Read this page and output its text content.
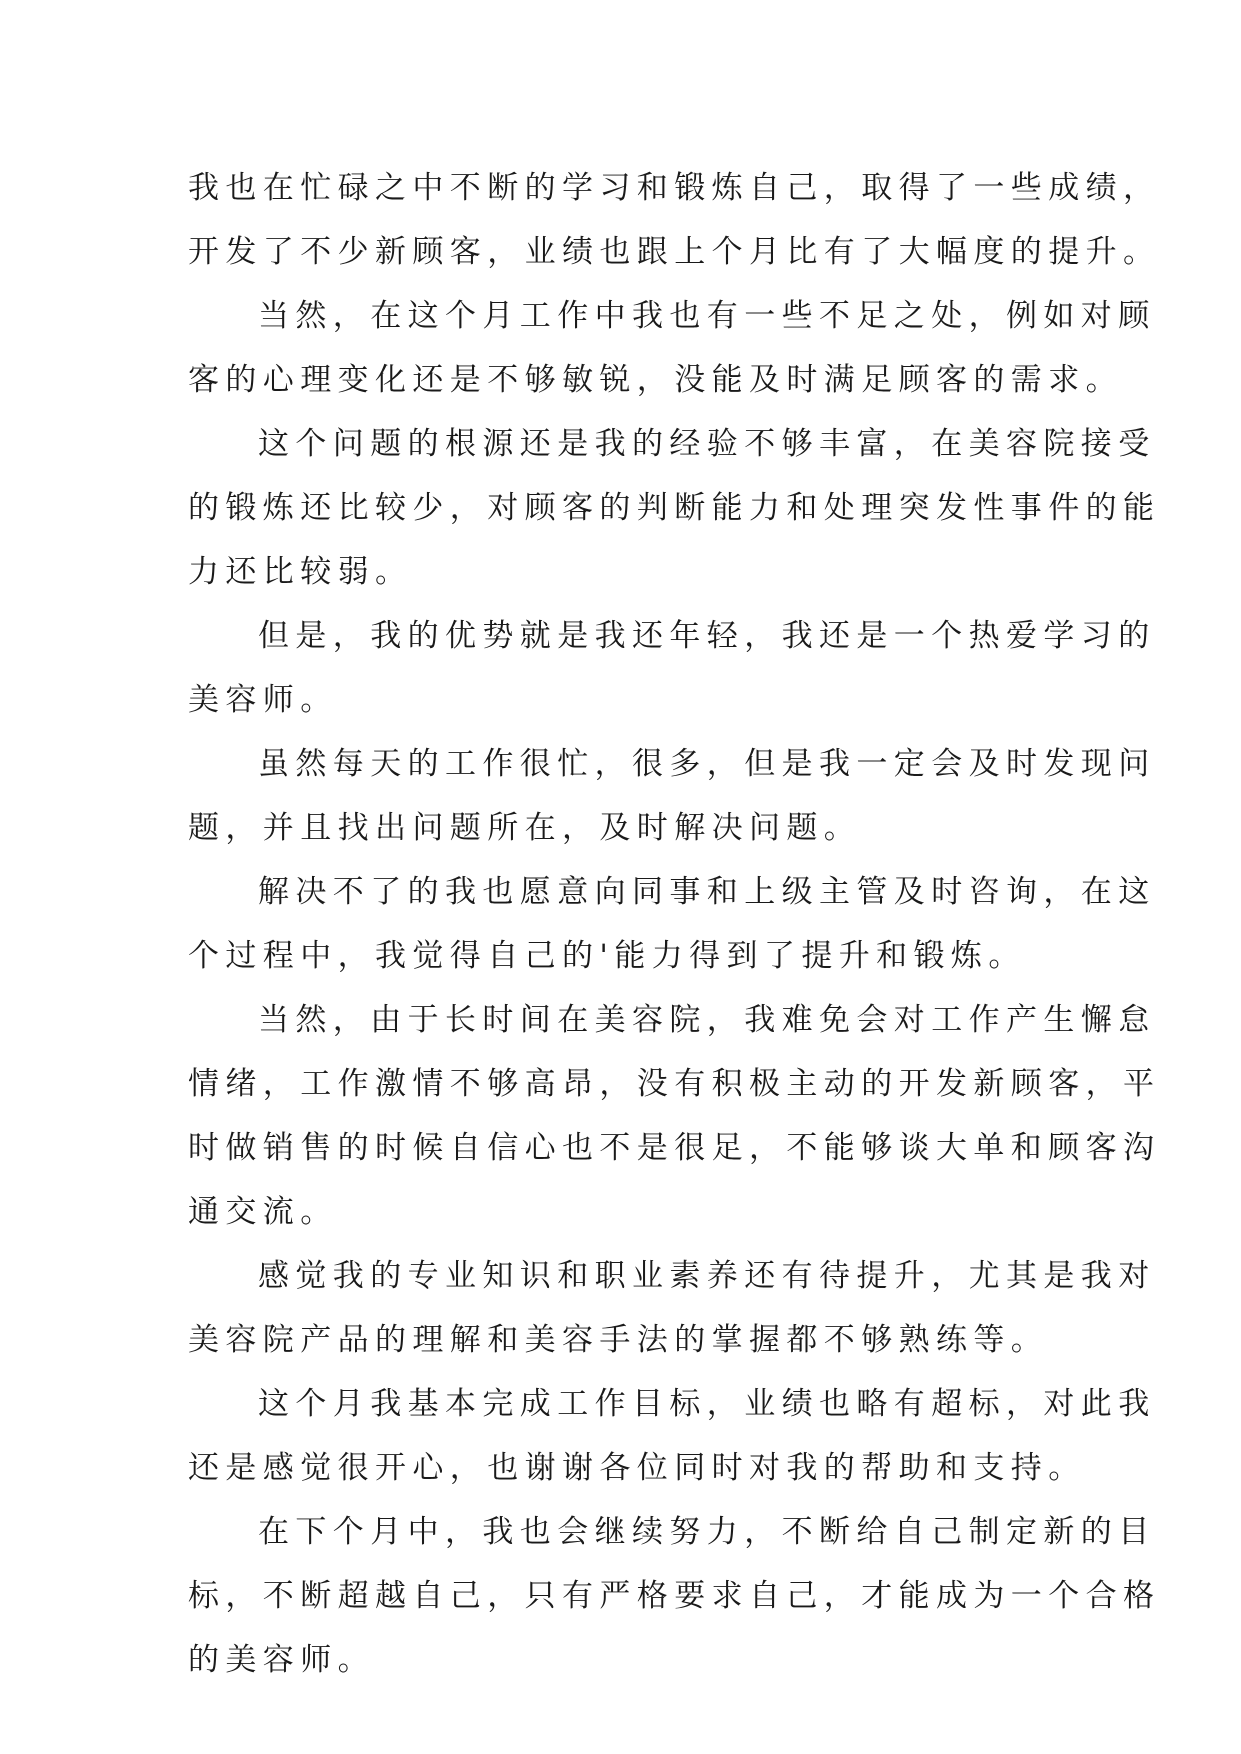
我也在忙碌之中不断的学习和锻炼自己，取得了一些成绩，
开发了不少新顾客，业绩也跟上个月比有了大幅度的提升。
当然，在这个月工作中我也有一些不足之处，例如对顾
客的心理变化还是不够敏锐，没能及时满足顾客的需求。
这个问题的根源还是我的经验不够丰富，在美容院接受
的锻炼还比较少，对顾客的判断能力和处理突发性事件的能
力还比较弱。
但是，我的优势就是我还年轻，我还是一个热爱学习的
美容师。
虽然每天的工作很忙，很多，但是我一定会及时发现问
题，并且找出问题所在，及时解决问题。
解决不了的我也愿意向同事和上级主管及时咨询，在这
个过程中，我觉得自己的'能力得到了提升和锻炼。
当然，由于长时间在美容院，我难免会对工作产生懈怠
情绪，工作激情不够高昂，没有积极主动的开发新顾客，平
时做销售的时候自信心也不是很足，不能够谈大单和顾客沟
通交流。
感觉我的专业知识和职业素养还有待提升，尤其是我对
美容院产品的理解和美容手法的掌握都不够熟练等。
这个月我基本完成工作目标，业绩也略有超标，对此我
还是感觉很开心，也谢谢各位同时对我的帮助和支持。
在下个月中，我也会继续努力，不断给自己制定新的目
标，不断超越自己，只有严格要求自己，才能成为一个合格
的美容师。
